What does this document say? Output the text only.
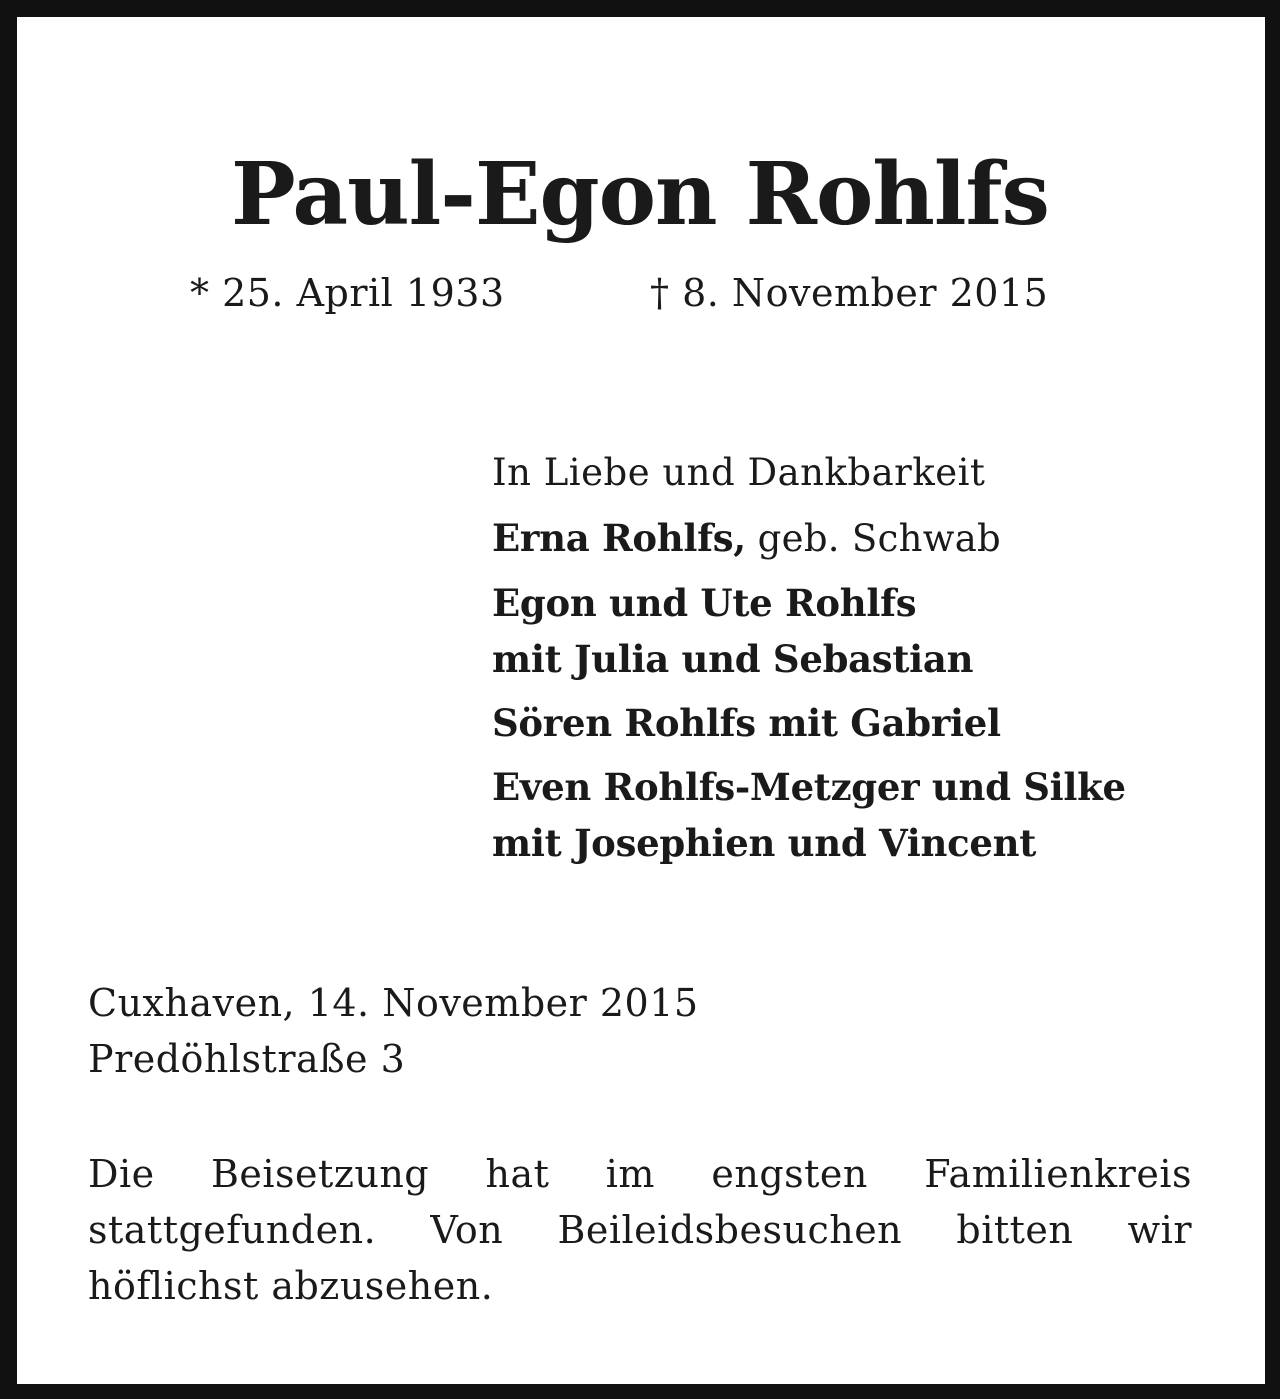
Paul-Egon Rohlfs
* 25. April 1933	† 8. November 2015
In Liebe und Dankbarkeit
Erna Rohlfs, geb. Schwab
Egon und Ute Rohlfs
mit Julia und Sebastian
Sören Rohlfs mit Gabriel
Even Rohlfs-Metzger und Silke
mit Josephien und Vincent
Cuxhaven, 14. November 2015
Predöhlstraße 3

Die Beisetzung hat im engsten Familienkreis stattgefunden. Von Beileidsbesuchen bitten wir höflichst abzusehen.
